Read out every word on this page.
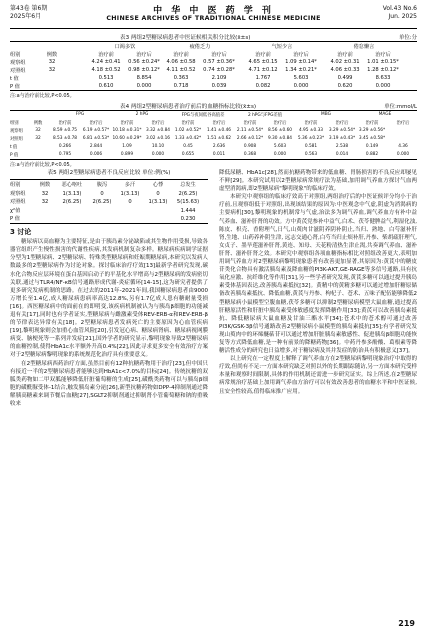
第43卷 第6期
2025年6月
中 华 中 医 药 学 刊
CHINESE ARCHIVES OF TRADITIONAL CHINESE MEDICINE
Vol.43 No.6
Jun. 2025
表3 两组2型糖尿病患者中医证候相关积分比较(x̄±s)	单位:分
口渴多饮	疲倦乏力	气短少言	倦怠懒言
组别	例数	治疗前	治疗后	治疗前	治疗后	治疗前	治疗后	治疗前	治疗后
观察组	32	4.24 ±0.41 0.56 ±0.24* 4.06 ±0.58 0.57 ±0.36*	4.65 ±0.15 1.09 ±0.14*	4.02 ±0.31 1.01 ±0.15*
对照组	32	4.18 ±0.52 0.98 ±0.12* 4.11 ±0.52 0.74 ±0.28*	4.71 ±0.12 1.34 ±0.21*	4.06 ±0.33 1.28 ±0.12*
t 值	0.513	8.854	0.363	2.109	1.767	5.603	0.499	8.633
P 值	0.610	0.000	0.718	0.039	0.082	0.000	0.620	0.000
注:a与治疗前比较,P<0.05。
表4 两组2型糖尿病患者治疗前后的血糖指标比较(x̄±s)	单位:mmol/L
FPG	2 hPG	FPG与夜间低谷高值差	2 hPG与FPG差值	MBG	MAGE
组别	例数	治疗前	治疗后	治疗前	治疗后	治疗前	治疗后	治疗前	治疗后	治疗前	治疗后	治疗前	治疗后
观察组	32	8.59 ±0.75 6.19 ±0.57* 10.18 ±0.31* 3.32 ±0.84 1.02 ±0.52* 1.41 ±0.46 2.11 ±0.54* 8.56 ±0.60 4.95 ±0.33 3.29 ±0.54* 3.29 ±0.56*
对照组	32	8.53 ±0.78 6.81 ±0.53* 10.60 ±0.29* 3.02 ±0.16 1.33 ±0.42* 1.51 ±0.62 2.66 ±0.12* 9.30 ±0.84 5.36 ±0.23* 3.19 ±0.43* 3.45 ±0.58*
t 值	0.266	2.844	1.09	10.10	0.45	2.636	0.908	5.603	0.581	2.538	0.149	4.36
P 值	0.795	0.006	0.899	0.000	0.655	0.011	0.368	0.000	0.563	0.014	0.882	0.000
注:a与治疗前比较,P<0.05。
表5 两组2型糖尿病患者不良反应比较 单位:例(%)
组别	例数 恶心呕吐	腹泻	多汗	心悸	总发生
观察组	32	1(3.13)	0	1(3.13)	0	2(6.25)
对照组	32	2(6.25) 2(6.25)	0	1(3.13) 5(15.63)
χ²值	1.444
P 值	0.230
3 讨论

糖尿病以高血糖为主要特征,是由于胰岛素分泌缺陷或其生物作用受损,导致各器官组织产生慢性损害的代谢性疾病,其发病机制复杂多样。糖尿病疾病调学证据分型为1型糖尿病、2型糖尿病、特殊类型糖尿病和妊娠期糖尿病,本研究以发病人数最多的2型糖尿病作为讨论对象。探讨临床治疗疗效[13]最新学者研究发现,碳水化合物反应层环境在蛋白基因启动子的平基化水平增高与2型糖尿病的发病密切关联,通过与TLR4/NF-κB信号通路形成代谢-炎症循环[14-15],这为研究者提供了更多研究发病机制的思路。在过去的2011年-2021年间,我国糖尿病患者由9000万增长至1.4亿,成人糖尿病患病率高达12.8%,另有1.7亿成人患有糖耐量受损[16]。西医糖尿病中的面前在的即明变,该疾病机制被认为与胰岛β细胞的功能减退有关[17],同时也有学者证实,型糖尿病与雌激素受体REV-ERB-α和REV-ERB-β的节律表达异常有关[18]。2型糖尿病患者发病死亡的主要原因为心血管疾病[19],黎明现象则会加重心血管风险[20],引发冠心病、糖尿病肾病、糖尿病视网膜病变、脑梗死等一系列并发症[21],国外学者的研究显示,黎明现象导致2型糖尿病的血糖控制,使得HbA1c水平额外升高0.4%[22],因此寻求更多安全有效治疗方案对于2型糖尿病黎明现象的系统规范化治疗具有重要意义。

在2型糖尿病西药治疗方面,虽然目前有12种抗糖药物用于治疗[23],但中国只有接近一半的2型糖尿病患者能够达到HbA1c<7.0%的目标[24]。传统抗糖的双胍类药物如二甲双胍能够降低肝脏葡萄糖的生成[25],磺酰类药物可以与胰岛β细胞的磺酰脲受体-1结合,触发胰岛素分泌[26],新型抗糖药物如DPP-4抑制剂通过降解胰高糖素来调节餐后血糖[27],SGLT2抑制剂通过抑制肾小管葡萄糖和钠的重吸收来

降低尿糖、HbA1c[28],然而抗糖药物带来的低血糖、胃肠损害的不良反应却屡见不鲜[29]。本研究试用以2型糖尿病常规疗法为基础,加用调气养血方探讨气血两虚型消渴病,即2型糖尿病"黎明现象"的临床疗效。

本研究中观察组的临床疗效高于对照组,两组治疗后的中医证候评分均小于治疗前,且观察组低于对照组,出现该结果的原因为:中医观念中气虚,阴虚为消渴病的主要病机[30],黎明现象的机制常与气虚,治法多为调气养血,调气养血方有补中益气养血、滋补肝肾的功效。方中黄芪党参补中益气,白术、茯苓健脾益气,利湿化浊,陈皮、枳壳、香附理气,日气,山萸肉甘滋阴养阴补阴止,当归、熟地、白芍滋补肝肾,生地、山药养补阴生津, 远志交通心肾,白芍当归止烦补肝,丹参、柴胡疏肝理气,女贞子、墨旱莲滋补肝肾,黄连、知母、天花粉清热生津止渴,共奏调气养血、滋补肝肾、滋补肝肾之效。本研究中观察组各项血糖指标相比对照组改善更大,表明加用调气养血方对2型糖尿病黎明现象患者有改善更加显著,其原因为:黄芪中的糖皮苷类化合物具有激活胰岛素及降血糖的PI3K-AKT,GE-RAGE等多信号通路,具有抗氧化应激、抗纤维化等作用[31],另一些学者研究发现,黄芪多糖可以通过提升胰岛素受体基因表达,改善胰岛素抵抗[32]。黄精中的黄精多糖可以通过增加肝糖原储备改善胰岛素抵抗、降低血糖,黄芪与丹参、枸杞子、苍术、五味子配伍能够降低2型糖尿病小鼠模型空腹血糖,茯苓多糖可以抑制2型糖尿病模型大鼠血糖,通过提高肝糖原活性和肝脏中胰岛素受体敏感度发挥降糖作用[33];黄芪可以改善胰岛素抵抗、降低糖尿病大鼠血糖及甘油三酯水平[34];苍术中的苍术醇可通过改善PI3K/GSK-3β信号通路改善2型糖尿病小鼠模型的胰岛素抵抗[35];有学者研究发现山萸肉中的环烯醚萜苷可以通过增加肝脏胰岛素敏感性、促进胰岛β细胞功能恢复等方式降低血糖,是一种有前景的降糖药物[36]。中药丹参多酚酸、葛根素等降糖活性成分的研究也日益增多,对于糖尿病及其并发症的防治具有积极意义[37]。

以上研究在一定程度上解释了调气养血方在2型糖尿病黎明现象治疗中取得的疗效,但尚有不足:一方面本研究缺乏对照以外的长期跟踪随访,另一方面本研究受样本量和观察时间限制,具体的作用机制还需进一步研究证实。综上所述,在2型糖尿病常规治疗基础上加用调气养血方治疗可以有效改善患者的血糖水平和中医证候,且安全性较高,值得临床推广应用。

219
